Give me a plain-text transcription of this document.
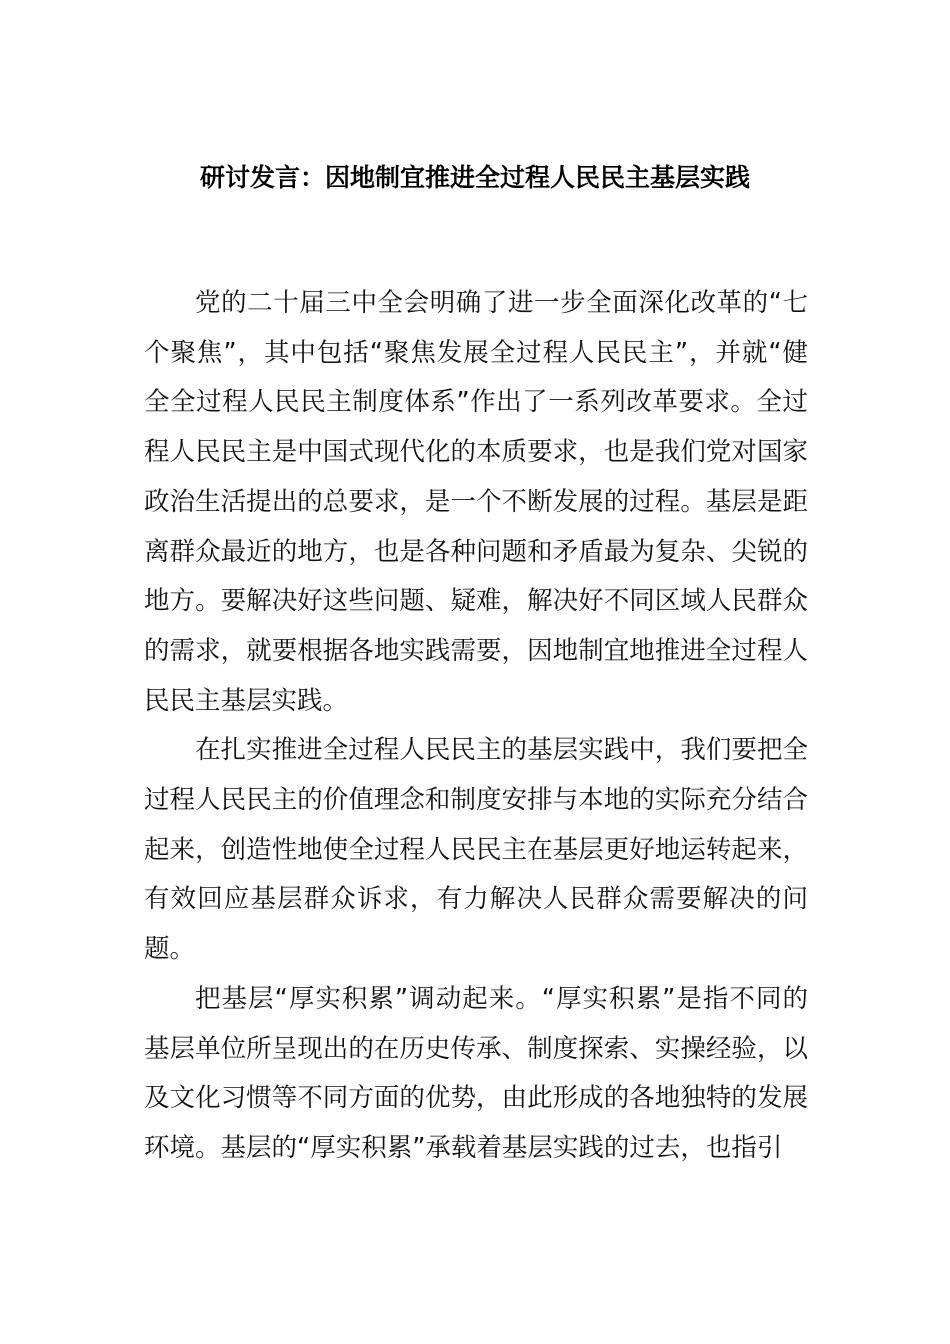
研讨发言：因地制宜推进全过程人民民主基层实践

党的二十届三中全会明确了进一步全面深化改革的“七个聚焦”，其中包括“聚焦发展全过程人民民主”，并就“健全全过程人民民主制度体系”作出了一系列改革要求。全过程人民民主是中国式现代化的本质要求，也是我们党对国家政治生活提出的总要求，是一个不断发展的过程。基层是距离群众最近的地方，也是各种问题和矛盾最为复杂、尖锐的地方。要解决好这些问题、疑难，解决好不同区域人民群众的需求，就要根据各地实践需要，因地制宜地推进全过程人民民主基层实践。

在扎实推进全过程人民民主的基层实践中，我们要把全过程人民民主的价值理念和制度安排与本地的实际充分结合起来，创造性地使全过程人民民主在基层更好地运转起来，有效回应基层群众诉求，有力解决人民群众需要解决的问题。

把基层“厚实积累”调动起来。“厚实积累”是指不同的基层单位所呈现出的在历史传承、制度探索、实操经验，以及文化习惯等不同方面的优势，由此形成的各地独特的发展环境。基层的“厚实积累”承载着基层实践的过去，也指引
